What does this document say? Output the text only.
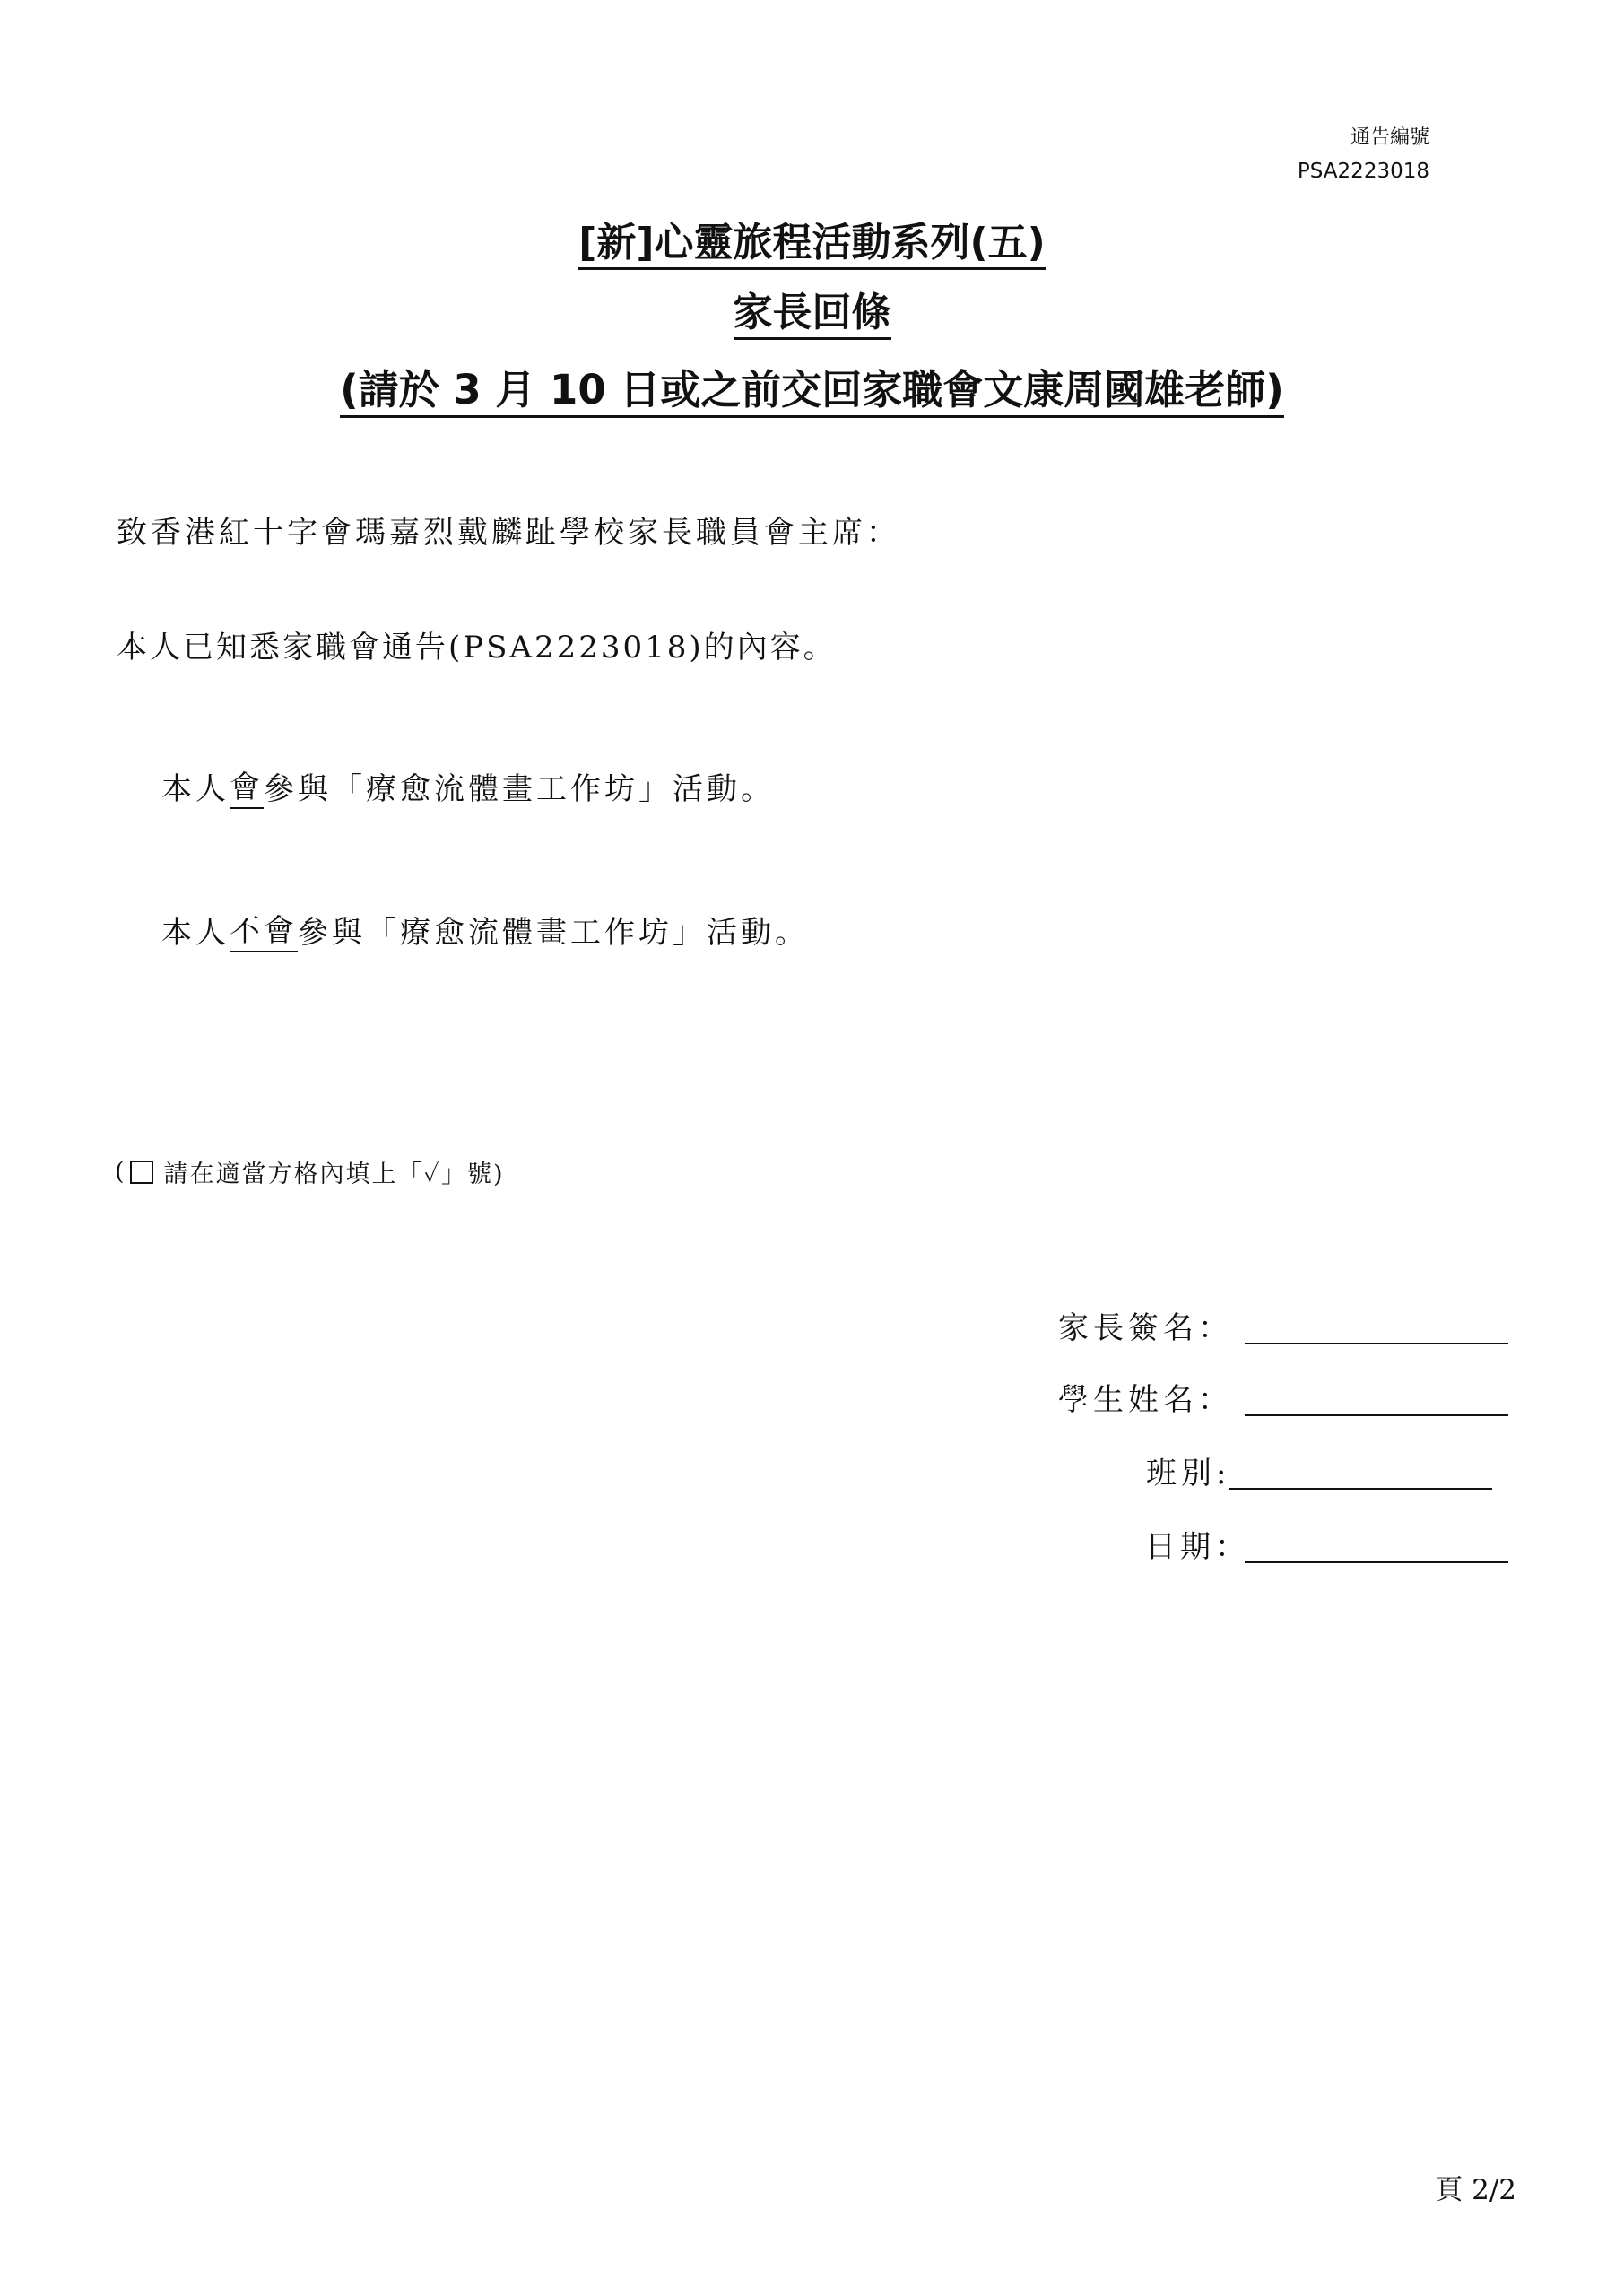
通告編號
PSA2223018
[新]心靈旅程活動系列(五)
家長回條
(請於 3 月 10 日或之前交回家職會文康周國雄老師)

致香港紅十字會瑪嘉烈戴麟趾學校家長職員會主席：

本人已知悉家職會通告(PSA2223018)的內容。

本人 會 參與「療愈流體畫工作坊」活動。
本人 不會 參與「療愈流體畫工作坊」活動。
( 請在適當方格內填上「✓」號)
家長簽名：
學生姓名：
班別:
日期：
頁 2/2
